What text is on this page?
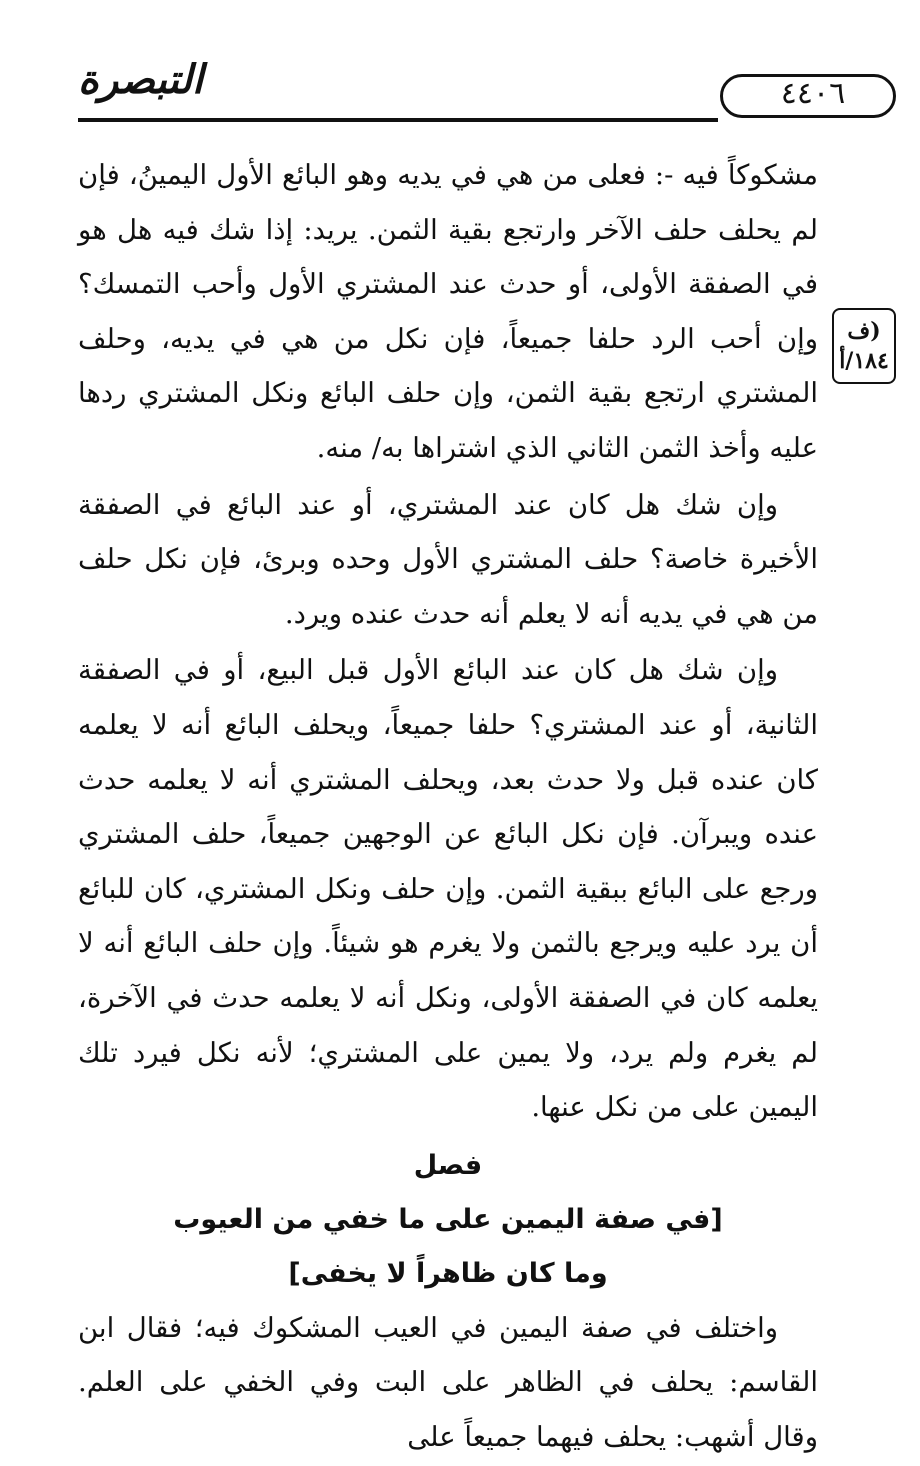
التبصرة	٤٤٠٦
(ف
١٨٤/أ

مشكوكاً فيه -: فعلى من هي في يديه وهو البائع الأول اليمينُ، فإن لم يحلف حلف الآخر وارتجع بقية الثمن. يريد: إذا شك فيه هل هو في الصفقة الأولى، أو حدث عند المشتري الأول وأحب التمسك؟ وإن أحب الرد حلفا جميعاً، فإن نكل من هي في يديه، وحلف المشتري ارتجع بقية الثمن، وإن حلف البائع ونكل المشتري ردها عليه وأخذ الثمن الثاني الذي اشتراها به/ منه.

وإن شك هل كان عند المشتري، أو عند البائع في الصفقة الأخيرة خاصة؟ حلف المشتري الأول وحده وبرئ، فإن نكل حلف من هي في يديه أنه لا يعلم أنه حدث عنده ويرد.

وإن شك هل كان عند البائع الأول قبل البيع، أو في الصفقة الثانية، أو عند المشتري؟ حلفا جميعاً، ويحلف البائع أنه لا يعلمه كان عنده قبل ولا حدث بعد، ويحلف المشتري أنه لا يعلمه حدث عنده ويبرآن. فإن نكل البائع عن الوجهين جميعاً، حلف المشتري ورجع على البائع ببقية الثمن. وإن حلف ونكل المشتري، كان للبائع أن يرد عليه ويرجع بالثمن ولا يغرم هو شيئاً. وإن حلف البائع أنه لا يعلمه كان في الصفقة الأولى، ونكل أنه لا يعلمه حدث في الآخرة، لم يغرم ولم يرد، ولا يمين على المشتري؛ لأنه نكل فيرد تلك اليمين على من نكل عنها.

فصل
[في صفة اليمين على ما خفي من العيوب
وما كان ظاهراً لا يخفى]

واختلف في صفة اليمين في العيب المشكوك فيه؛ فقال ابن القاسم: يحلف في الظاهر على البت وفي الخفي على العلم. وقال أشهب: يحلف فيهما جميعاً على
